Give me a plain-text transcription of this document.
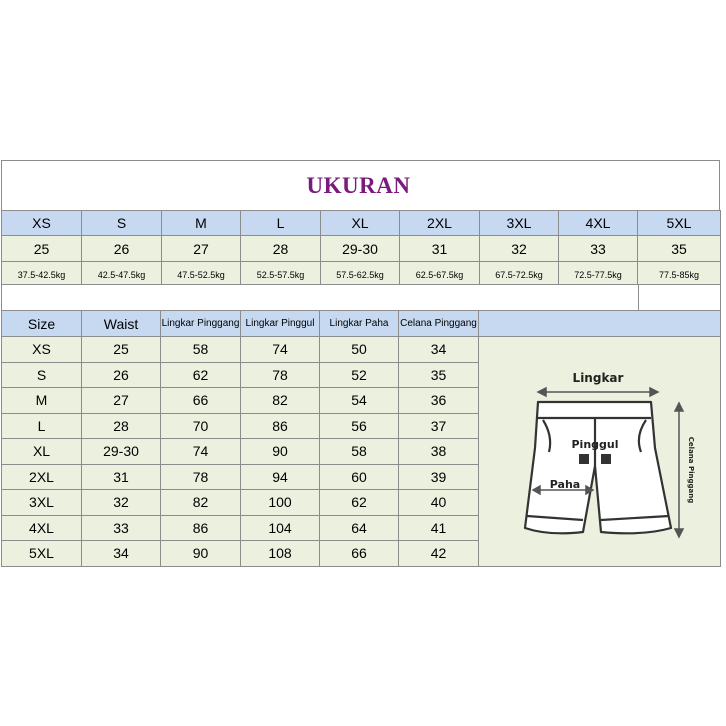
UKURAN
XS	S	M	L	XL	2XL	3XL	4XL	5XL
25	26	27	28	29-30	31	32	33	35
37.5-42.5kg	42.5-47.5kg	47.5-52.5kg	52.5-57.5kg	57.5-62.5kg	62.5-67.5kg	67.5-72.5kg	72.5-77.5kg	77.5-85kg

Size	Waist	Lingkar Pinggang	Lingkar Pinggul	Lingkar Paha	Celana Pinggang	
XS	25	58	74	50	34	
S	26	62	78	52	35	
M	27	66	82	54	36	
L	28	70	86	56	37	
XL	29-30	74	90	58	38	
2XL	31	78	94	60	39	
3XL	32	82	100	62	40	
4XL	33	86	104	64	41	
5XL	34	90	108	66	42	
Lingkar
Pinggul
Paha	Celana Pinggang
